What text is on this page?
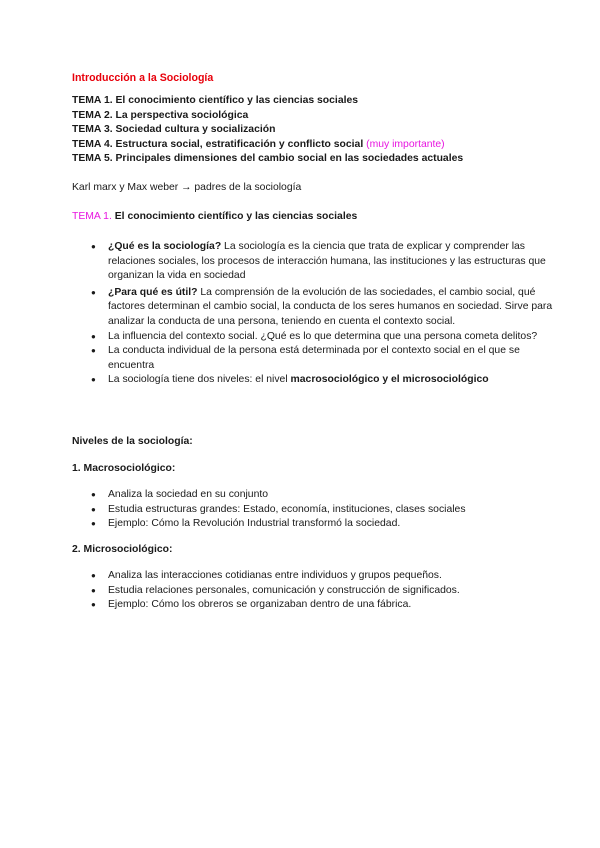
Introducción a la Sociología
TEMA 1. El conocimiento científico y las ciencias sociales
TEMA 2. La perspectiva sociológica
TEMA 3. Sociedad cultura y socialización
TEMA 4. Estructura social, estratificación y conflicto social (muy importante)
TEMA 5. Principales dimensiones del cambio social en las sociedades actuales
Karl marx y Max weber → padres de la sociología
TEMA 1. El conocimiento científico y las ciencias sociales
● ¿Qué es la sociología? La sociología es la ciencia que trata de explicar y comprender las relaciones sociales, los procesos de interacción humana, las instituciones y las estructuras que organizan la vida en sociedad
● ¿Para qué es útil? La comprensión de la evolución de las sociedades, el cambio social, qué factores determinan el cambio social, la conducta de los seres humanos en sociedad. Sirve para analizar la conducta de una persona, teniendo en cuenta el contexto social.
● La influencia del contexto social. ¿Qué es lo que determina que una persona cometa delitos?
● La conducta individual de la persona está determinada por el contexto social en el que se encuentra
● La sociología tiene dos niveles: el nivel macrosociológico y el microsociológico
Niveles de la sociología:
1. Macrosociológico:
● Analiza la sociedad en su conjunto
● Estudia estructuras grandes: Estado, economía, instituciones, clases sociales
● Ejemplo: Cómo la Revolución Industrial transformó la sociedad.
2. Microsociológico:
● Analiza las interacciones cotidianas entre individuos y grupos pequeños.
● Estudia relaciones personales, comunicación y construcción de significados.
● Ejemplo: Cómo los obreros se organizaban dentro de una fábrica.
